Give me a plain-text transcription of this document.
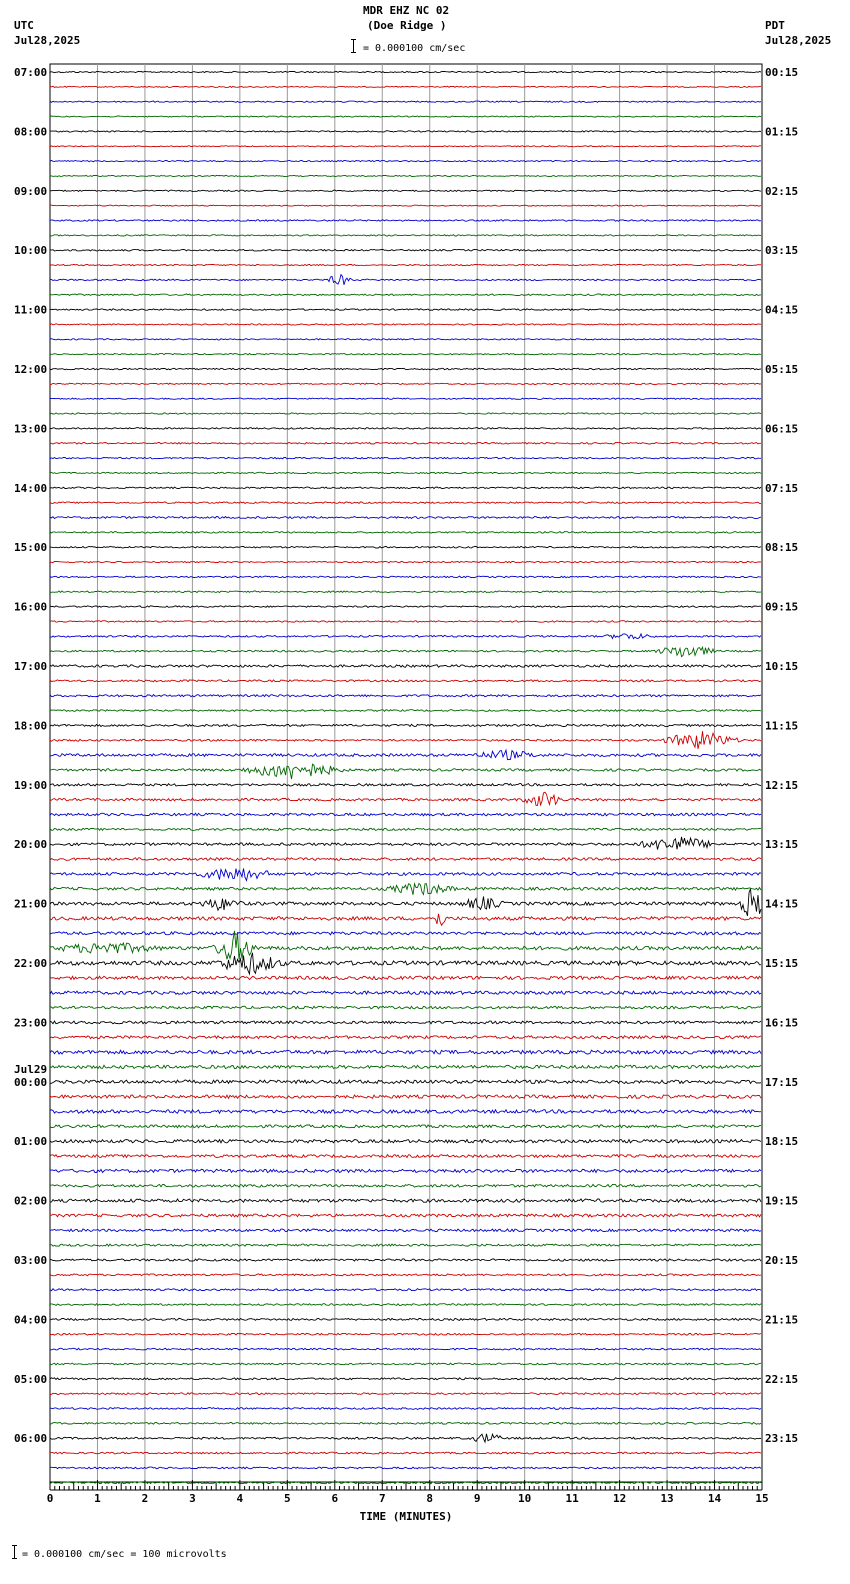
MDR EHZ NC 02
(Doe Ridge )
= 0.000100 cm/sec
UTC
Jul28,2025
PDT
Jul28,2025
07:00
08:00
09:00
10:00
11:00
12:00
13:00
14:00
15:00
16:00
17:00
18:00
19:00
20:00
21:00
22:00
23:00
Jul29
00:00
01:00
02:00
03:00
04:00
05:00
06:00
00:15
01:15
02:15
03:15
04:15
05:15
06:15
07:15
08:15
09:15
10:15
11:15
12:15
13:15
14:15
15:15
16:15
17:15
18:15
19:15
20:15
21:15
22:15
23:15
0	1	2	3	4	5	6	7	8	9	10	11	12	13	14	15
TIME (MINUTES)
= 0.000100 cm/sec = 100 microvolts
